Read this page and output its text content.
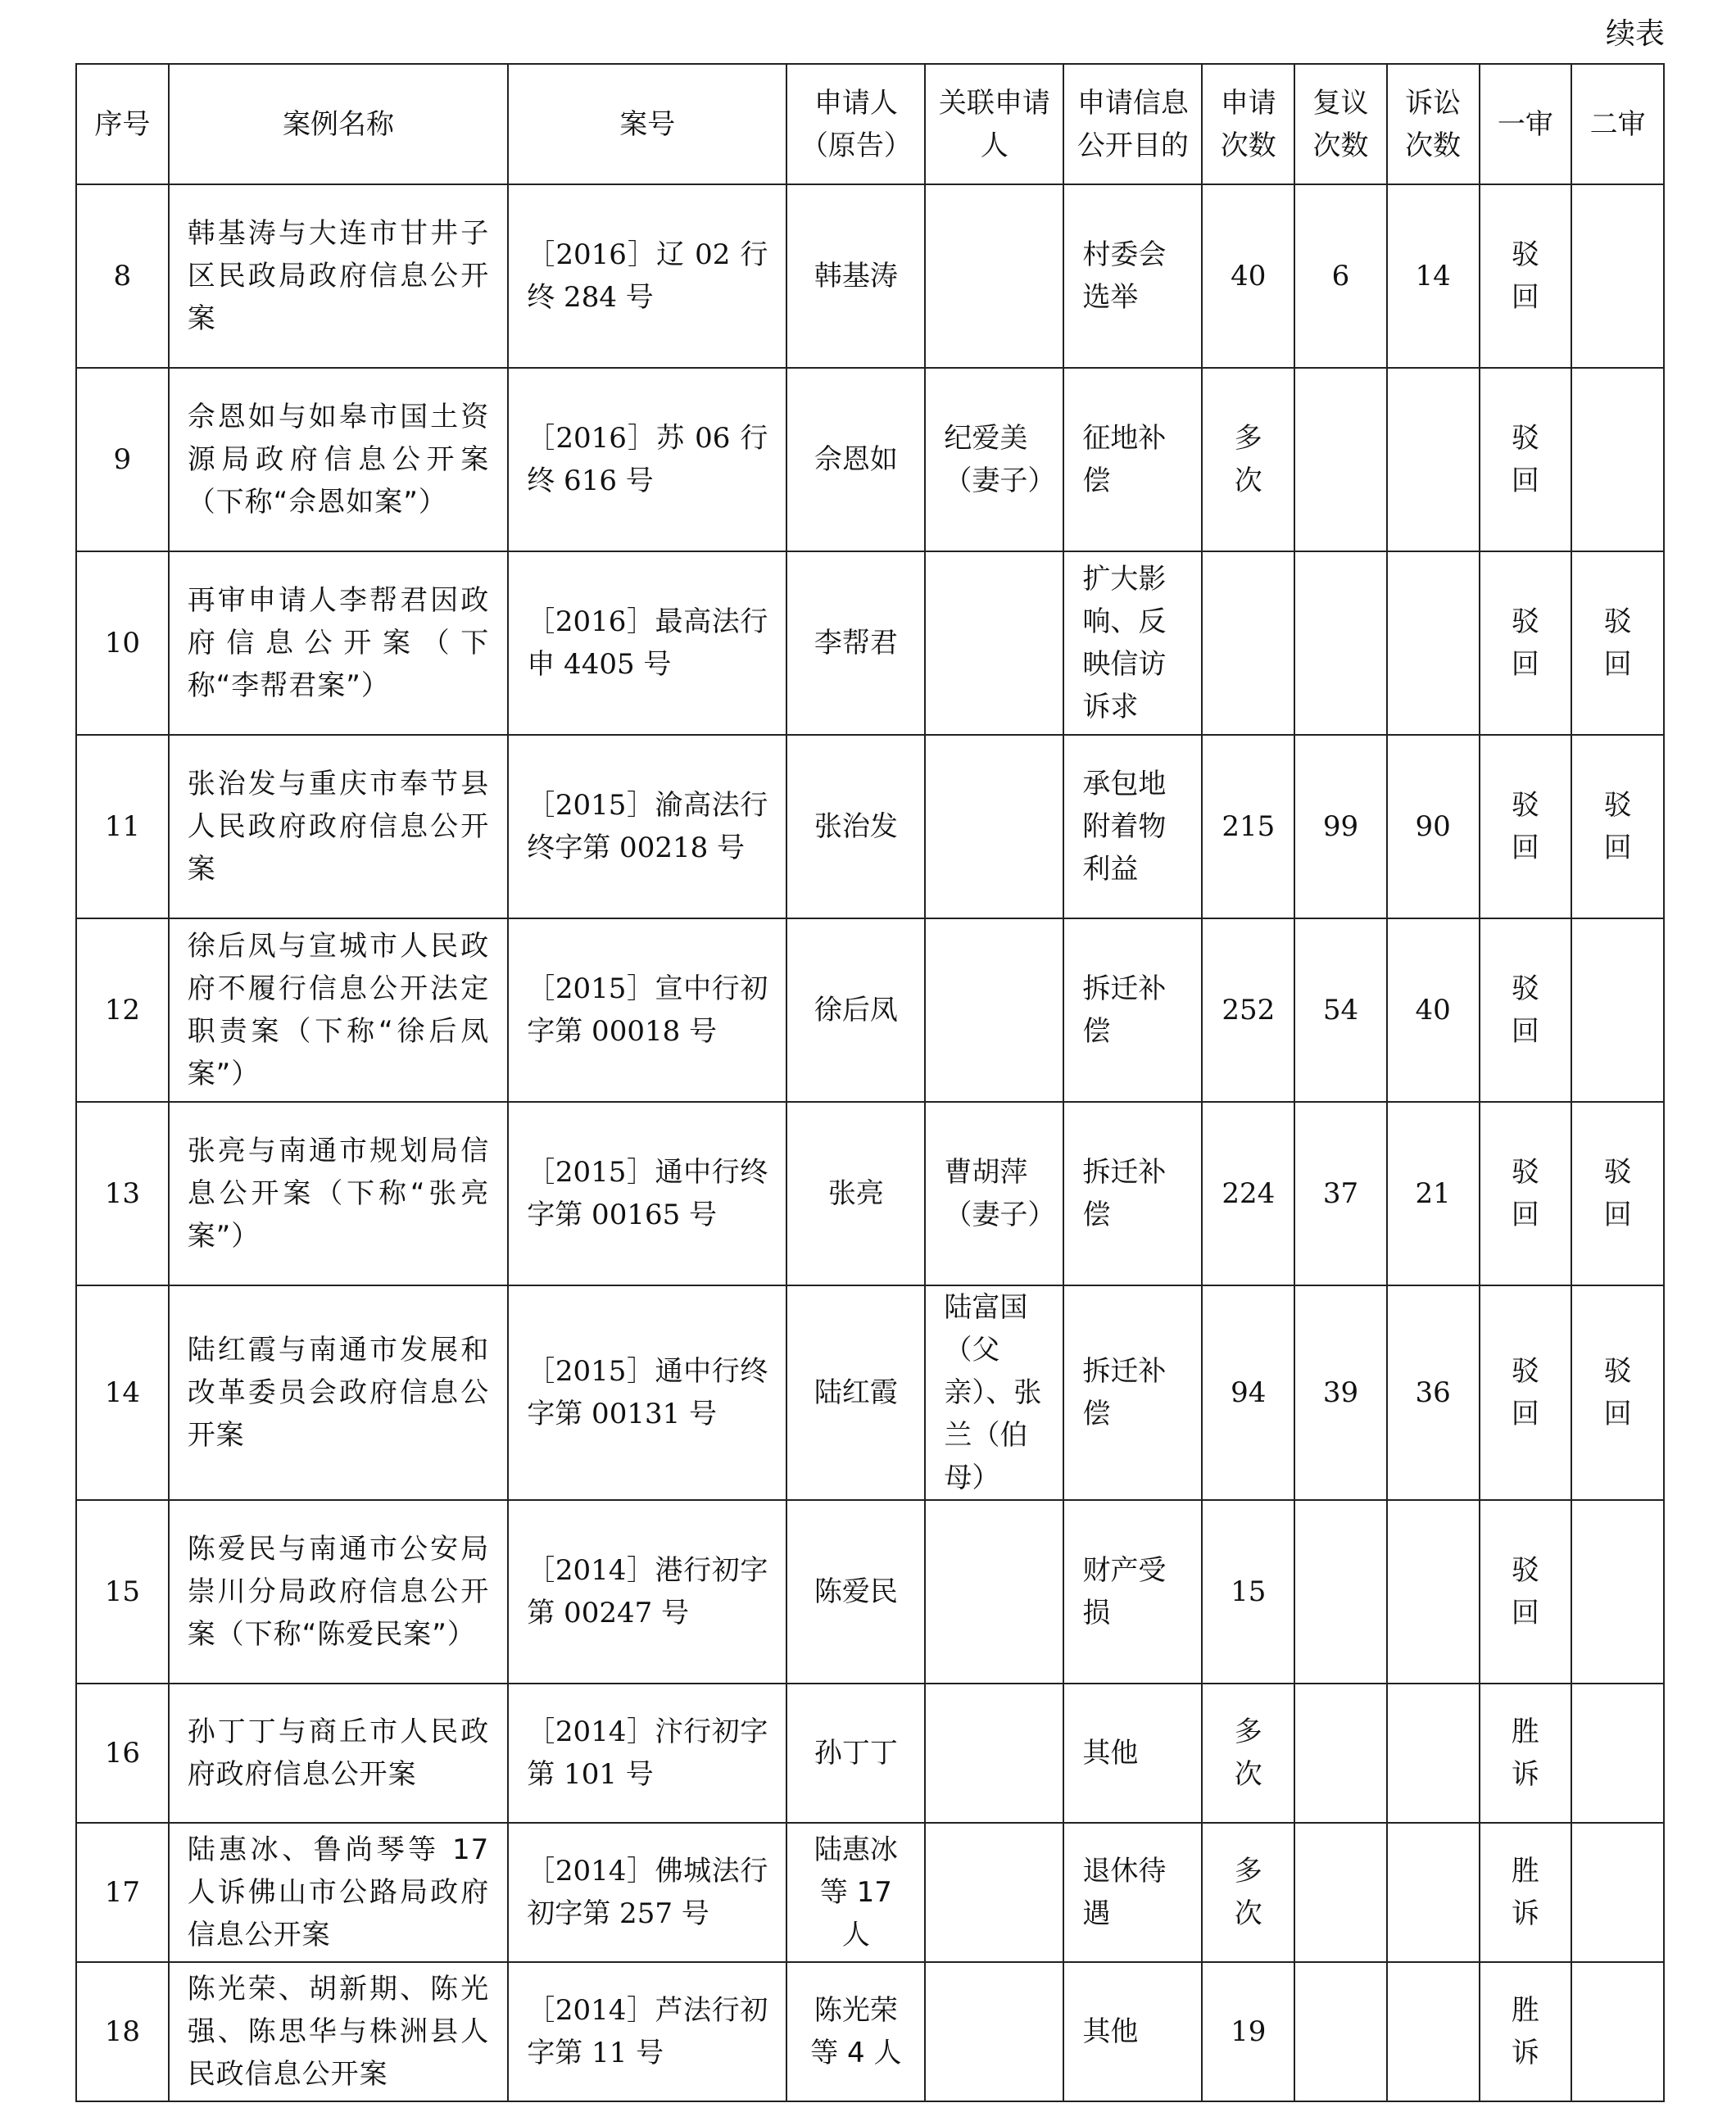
续表
序号	案例名称	案号	申请人（原告）	关联申请人	申请信息公开目的	申请次数	复议次数	诉讼次数	一审	二审
8	韩基涛与大连市甘井子区民政局政府信息公开案	［2016］辽 02 行终 284 号	韩基涛		村委会选举	40	6	14	驳回	
9	佘恩如与如皋市国土资源局政府信息公开案（下称“佘恩如案”）	［2016］苏 06 行终 616 号	佘恩如	纪爱美（妻子）	征地补偿	多次			驳回	
10	再审申请人李帮君因政府信息公开案（下称“李帮君案”）	［2016］最高法行申 4405 号	李帮君		扩大影响、反映信访诉求				驳回	驳回
11	张治发与重庆市奉节县人民政府政府信息公开案	［2015］渝高法行终字第 00218 号	张治发		承包地附着物利益	215	99	90	驳回	驳回
12	徐后凤与宣城市人民政府不履行信息公开法定职责案（下称“徐后凤案”）	［2015］宣中行初字第 00018 号	徐后凤		拆迁补偿	252	54	40	驳回	
13	张亮与南通市规划局信息公开案（下称“张亮案”）	［2015］通中行终字第 00165 号	张亮	曹胡萍（妻子）	拆迁补偿	224	37	21	驳回	驳回
14	陆红霞与南通市发展和改革委员会政府信息公开案	［2015］通中行终字第 00131 号	陆红霞	陆富国（父亲）、张兰（伯母）	拆迁补偿	94	39	36	驳回	驳回
15	陈爱民与南通市公安局崇川分局政府信息公开案（下称“陈爱民案”）	［2014］港行初字第 00247 号	陈爱民		财产受损	15			驳回	
16	孙丁丁与商丘市人民政府政府信息公开案	［2014］汴行初字第 101 号	孙丁丁		其他	多次			胜诉	
17	陆惠冰、鲁尚琴等 17 人诉佛山市公路局政府信息公开案	［2014］佛城法行初字第 257 号	陆惠冰等 17 人		退休待遇	多次			胜诉	
18	陈光荣、胡新期、陈光强、陈思华与株洲县人民政信息公开案	［2014］芦法行初字第 11 号	陈光荣等 4 人		其他	19			胜诉	
